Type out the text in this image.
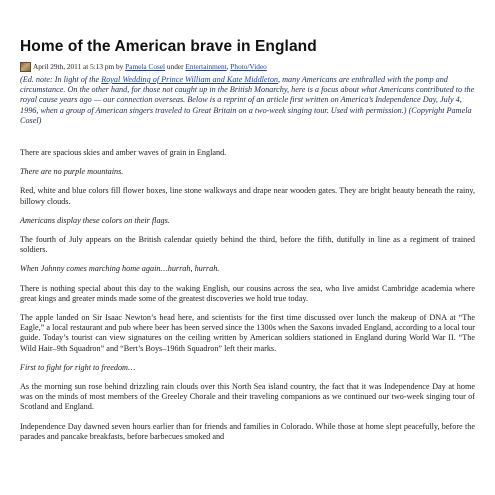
Home of the American brave in England
April 29th, 2011 at 5:13 pm by
Pamela Cosel
under
Entertainment ,
Photo/Video

(Ed. note: In light of the Royal Wedding of Prince William and Kate Middleton, many Americans are enthralled with the pomp and circumstance. On the other hand, for those not caught up in the British Monarchy, here is a focus about what Americans contributed to the royal cause years ago — our connection overseas. Below is a reprint of an article first written on America’s Independence Day, July 4, 1996, when a group of American singers traveled to Great Britain on a two-week singing tour. Used with permission.) (Copyright Pamela Cosel)

There are spacious skies and amber waves of grain in England.

There are no purple mountains.

Red, white and blue colors fill flower boxes, line stone walkways and drape near wooden gates. They are bright beauty beneath the rainy, billowy clouds.

Americans display these colors on their flags.

The fourth of July appears on the British calendar quietly behind the third, before the fifth, dutifully in line as a regiment of trained soldiers.

When Johnny comes marching home again…hurrah, hurrah.

There is nothing special about this day to the waking English, our cousins across the sea, who live amidst Cambridge academia where great kings and greater minds made some of the greatest discoveries we hold true today.

The apple landed on Sir Isaac Newton’s head here, and scientists for the first time discussed over lunch the makeup of DNA at “The Eagle,” a local restaurant and pub where beer has been served since the 1300s when the Saxons invaded England, according to a local tour guide. Today’s tourist can view signatures on the ceiling written by American soldiers stationed in England during World War II. “The Wild Hair–9th Squadron” and “Bert’s Boys–196th Squadron” left their marks.

First to fight for right to freedom…

As the morning sun rose behind drizzling rain clouds over this North Sea island country, the fact that it was Independence Day at home was on the minds of most members of the Greeley Chorale and their traveling companions as we continued our two-week singing tour of Scotland and England.

Independence Day dawned seven hours earlier than for friends and families in Colorado. While those at home slept peacefully, before the parades and pancake breakfasts, before barbecues smoked and
